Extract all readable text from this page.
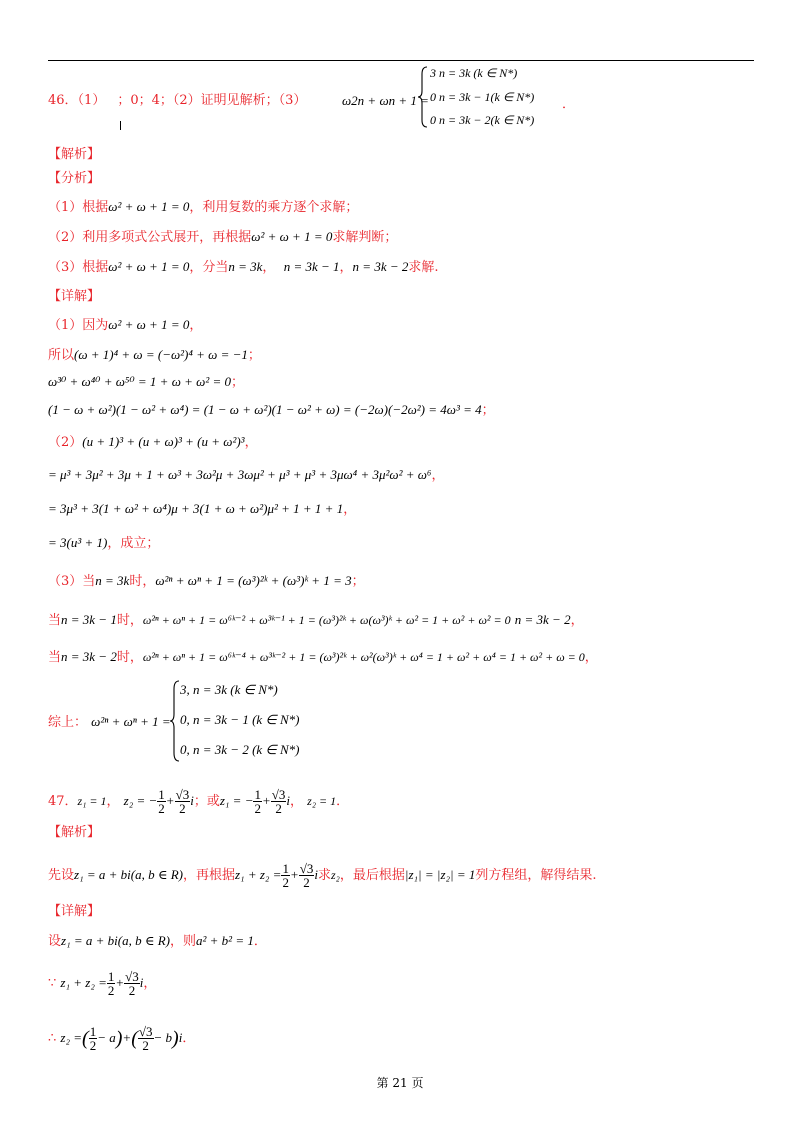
46．（1） ；0；4；（2）证明见解析；（3）	ω2n + ωn + 1 =
3 n = 3k (k ∈ N*)
0 n = 3k − 1(k ∈ N*)
0 n = 3k − 2(k ∈ N*)
．
【解析】
【分析】
（1）根据ω² + ω + 1 = 0，利用复数的乘方逐个求解；
（2）利用多项式公式展开，再根据ω² + ω + 1 = 0求解判断；
（3）根据ω² + ω + 1 = 0，分当n = 3k， n = 3k − 1，n = 3k − 2求解.
【详解】
（1）因为ω² + ω + 1 = 0，
所以(ω + 1)⁴ + ω = (−ω²)⁴ + ω = −1；
ω³⁰ + ω⁴⁰ + ω⁵⁰ = 1 + ω + ω² = 0；
(1 − ω + ω²)(1 − ω² + ω⁴) = (1 − ω + ω²)(1 − ω² + ω) = (−2ω)(−2ω²) = 4ω³ = 4；
（2）(u + 1)³ + (u + ω)³ + (u + ω²)³，
= μ³ + 3μ² + 3μ + 1 + ω³ + 3ω²μ + 3ωμ² + μ³ + μ³ + 3μω⁴ + 3μ²ω² + ω⁶，
= 3μ³ + 3(1 + ω² + ω⁴)μ + 3(1 + ω + ω²)μ² + 1 + 1 + 1，
= 3(u³ + 1)，成立；
（3）当n = 3k时，ω²ⁿ + ωⁿ + 1 = (ω³)²ᵏ + (ω³)ᵏ + 1 = 3；
当n = 3k − 1时，ω²ⁿ + ωⁿ + 1 = ω⁶ᵏ⁻² + ω³ᵏ⁻¹ + 1 = (ω³)²ᵏ + ω(ω³)ᵏ + ω² = 1 + ω² + ω² = 0 n = 3k − 2，
当n = 3k − 2时，ω²ⁿ + ωⁿ + 1 = ω⁶ᵏ⁻⁴ + ω³ᵏ⁻² + 1 = (ω³)²ᵏ + ω²(ω³)ᵏ + ω⁴ = 1 + ω² + ω⁴ = 1 + ω² + ω = 0，
综上： ω²ⁿ + ωⁿ + 1 =
3, n = 3k (k ∈ N*)
0, n = 3k − 1 (k ∈ N*)
0, n = 3k − 2 (k ∈ N*)
47．z₁ = 1， z₂ = − $\frac{1}{2} + \frac{√3}{2}$ i；或z₁ = − $\frac{1}{2} + \frac{√3}{2}$ i， z₂ = 1．
【解析】
先设z₁ = a + bi(a, b ∈ R)，再根据$z_1 + z_2 = \frac{1}{2} + \frac{√3}{2}$ i求z₂，最后根据|z₁| = |z₂| = 1列方程组，解得结果.
【详解】
设z₁ = a + bi(a, b ∈ R)，则a² + b² = 1．
∵ $z_1 + z_2 = \frac{1}{2} + \frac{√3}{2}$ i，
∴ z₂ =( $\frac{1}{2} - a)+( \frac{√3}{2} - b)i$．
第 21 页
